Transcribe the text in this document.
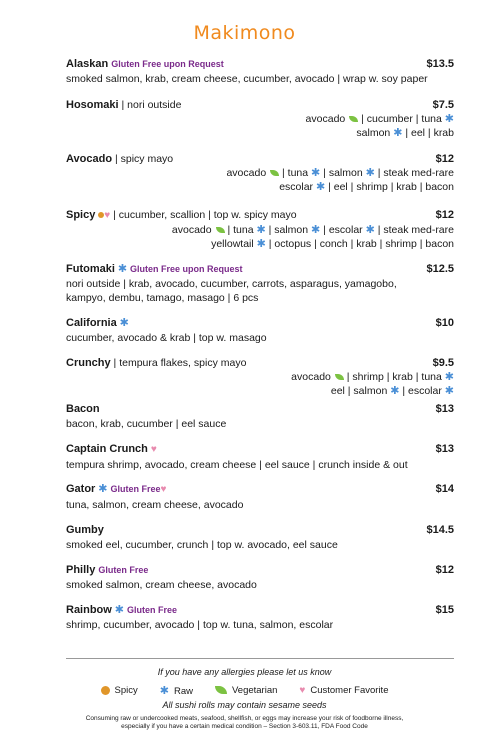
Makimono
Alaskan Gluten Free upon Request	$13.5
smoked salmon, krab, cream cheese, cucumber, avocado | wrap w. soy paper
Hosomaki | nori outside	$7.5
avocado | cucumber | tuna ✱
salmon ✱ | eel | krab
Avocado | spicy mayo	$12
avocado | tuna ✱ | salmon ✱ | steak med-rare
escolar ✱ | eel | shrimp | krab | bacon
Spicy ♥ | cucumber, scallion | top w. spicy mayo	$12
avocado | tuna ✱ | salmon ✱ | escolar ✱ | steak med-rare
yellowtail ✱ | octopus | conch | krab | shrimp | bacon
Futomaki ✱ Gluten Free upon Request	$12.5
nori outside | krab, avocado, cucumber, carrots, asparagus, yamagobo,
kampyo, dembu, tamago, masago | 6 pcs
California ✱	$10
cucumber, avocado & krab | top w. masago
Crunchy | tempura flakes, spicy mayo	$9.5
avocado | shrimp | krab | tuna ✱
eel | salmon ✱ | escolar ✱
Bacon	$13
bacon, krab, cucumber | eel sauce
Captain Crunch ♥	$13
tempura shrimp, avocado, cream cheese | eel sauce | crunch inside & out
Gator ✱ Gluten Free♥	$14
tuna, salmon, cream cheese, avocado
Gumby	$14.5
smoked eel, cucumber, crunch | top w. avocado, eel sauce
Philly Gluten Free	$12
smoked salmon, cream cheese, avocado
Rainbow ✱ Gluten Free	$15
shrimp, cucumber, avocado | top w. tuna, salmon, escolar
If you have any allergies please let us know
Spicy ✱ Raw	Vegetarian ♥ Customer Favorite
All sushi rolls may contain sesame seeds
Consuming raw or undercooked meats, seafood, shellfish, or eggs may increase your risk of foodborne illness,
especially if you have a certain medical condition – Section 3-603.11, FDA Food Code
